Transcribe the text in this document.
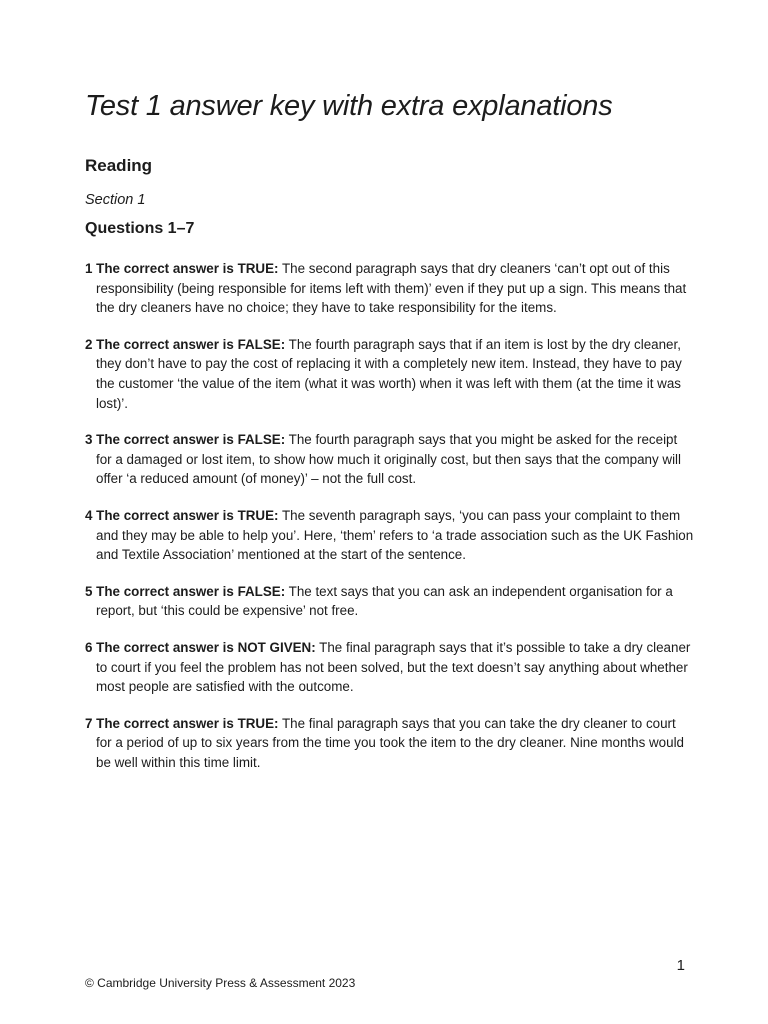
Test 1 answer key with extra explanations
Reading

Section 1

Questions 1–7
1 The correct answer is TRUE: The second paragraph says that dry cleaners ‘can’t opt out of this responsibility (being responsible for items left with them)’ even if they put up a sign. This means that the dry cleaners have no choice; they have to take responsibility for the items.
2 The correct answer is FALSE: The fourth paragraph says that if an item is lost by the dry cleaner, they don’t have to pay the cost of replacing it with a completely new item. Instead, they have to pay the customer ‘the value of the item (what it was worth) when it was left with them (at the time it was lost)’.
3 The correct answer is FALSE: The fourth paragraph says that you might be asked for the receipt for a damaged or lost item, to show how much it originally cost, but then says that the company will offer ‘a reduced amount (of money)’ – not the full cost.
4 The correct answer is TRUE: The seventh paragraph says, ‘you can pass your complaint to them and they may be able to help you’. Here, ‘them’ refers to ‘a trade association such as the UK Fashion and Textile Association’ mentioned at the start of the sentence.
5 The correct answer is FALSE: The text says that you can ask an independent organisation for a report, but ‘this could be expensive’ not free.
6 The correct answer is NOT GIVEN: The final paragraph says that it’s possible to take a dry cleaner to court if you feel the problem has not been solved, but the text doesn’t say anything about whether most people are satisfied with the outcome.
7 The correct answer is TRUE: The final paragraph says that you can take the dry cleaner to court for a period of up to six years from the time you took the item to the dry cleaner. Nine months would be well within this time limit.
1
© Cambridge University Press & Assessment 2023
